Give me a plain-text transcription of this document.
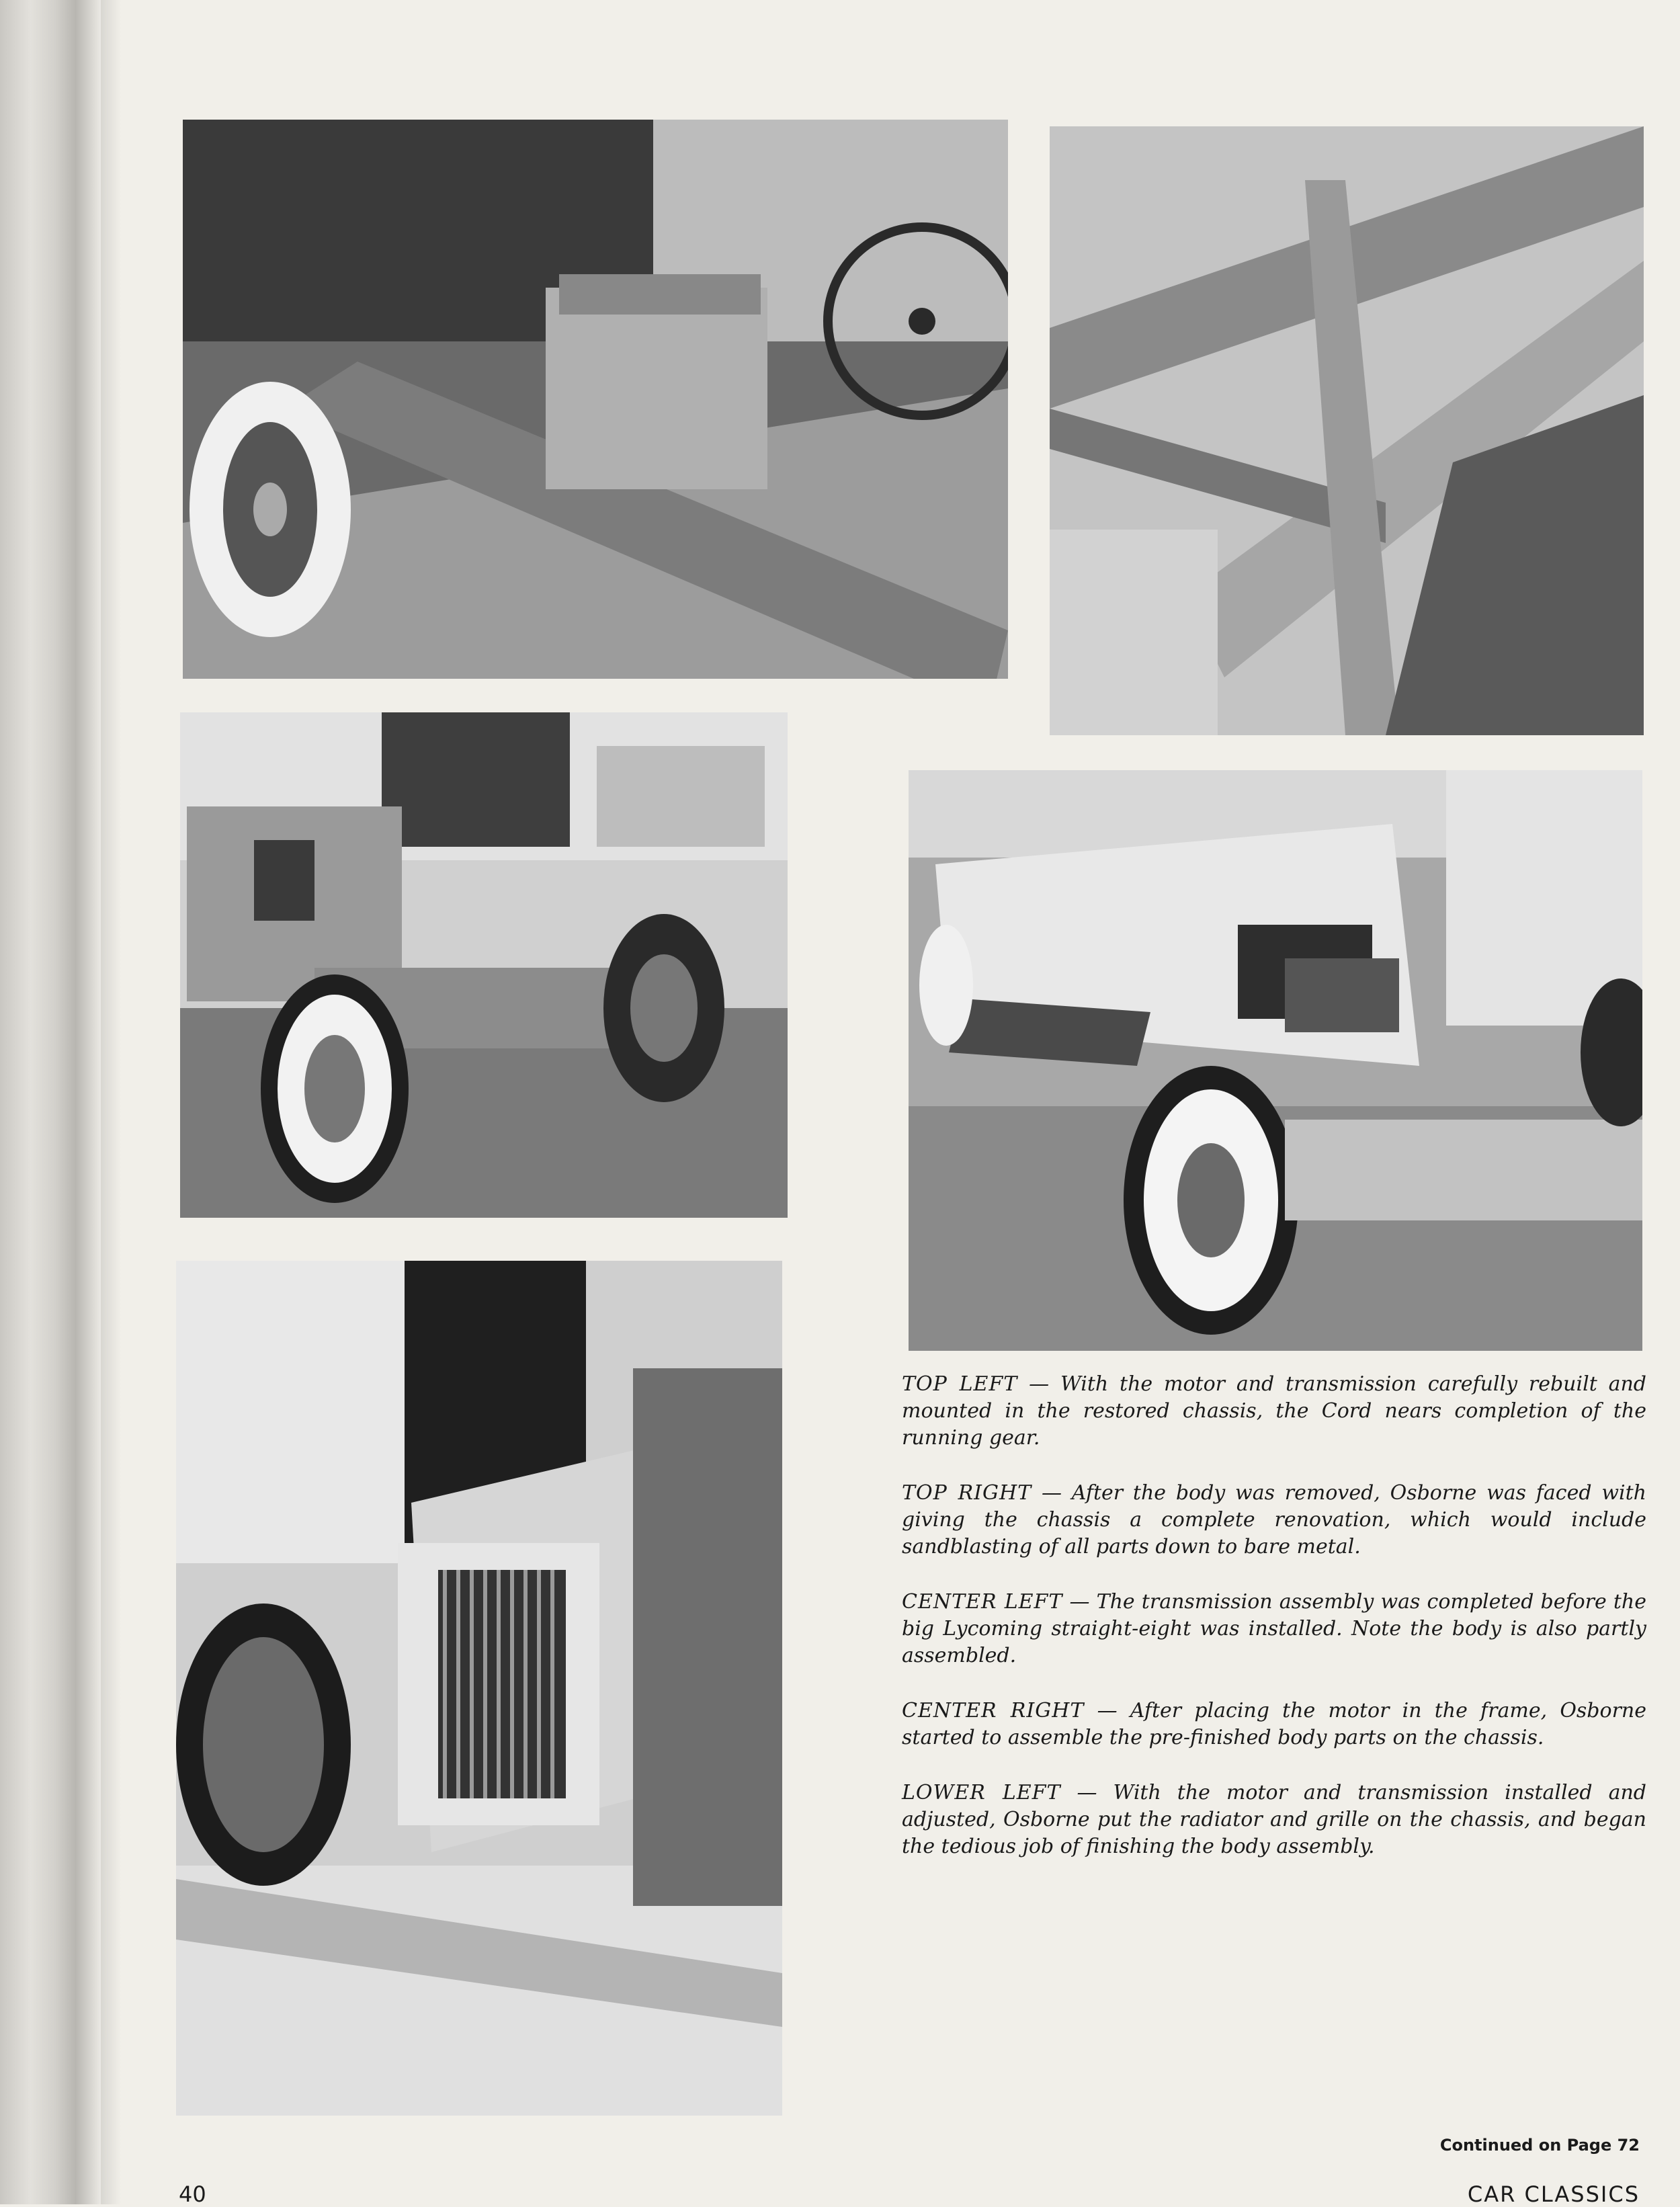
TOP LEFT — With the motor and transmission carefully rebuilt and mounted in the restored chassis, the Cord nears completion of the running gear.

TOP RIGHT — After the body was removed, Osborne was faced with giving the chassis a complete renovation, which would include sandblasting of all parts down to bare metal.

CENTER LEFT — The transmission assembly was completed before the big Lycoming straight-eight was installed. Note the body is also partly assembled.

CENTER RIGHT — After placing the motor in the frame, Osborne started to assemble the pre-finished body parts on the chassis.

LOWER LEFT — With the motor and transmission installed and adjusted, Osborne put the radiator and grille on the chassis, and began the tedious job of finishing the body assembly.

Continued on Page 72
40	CAR CLASSICS
